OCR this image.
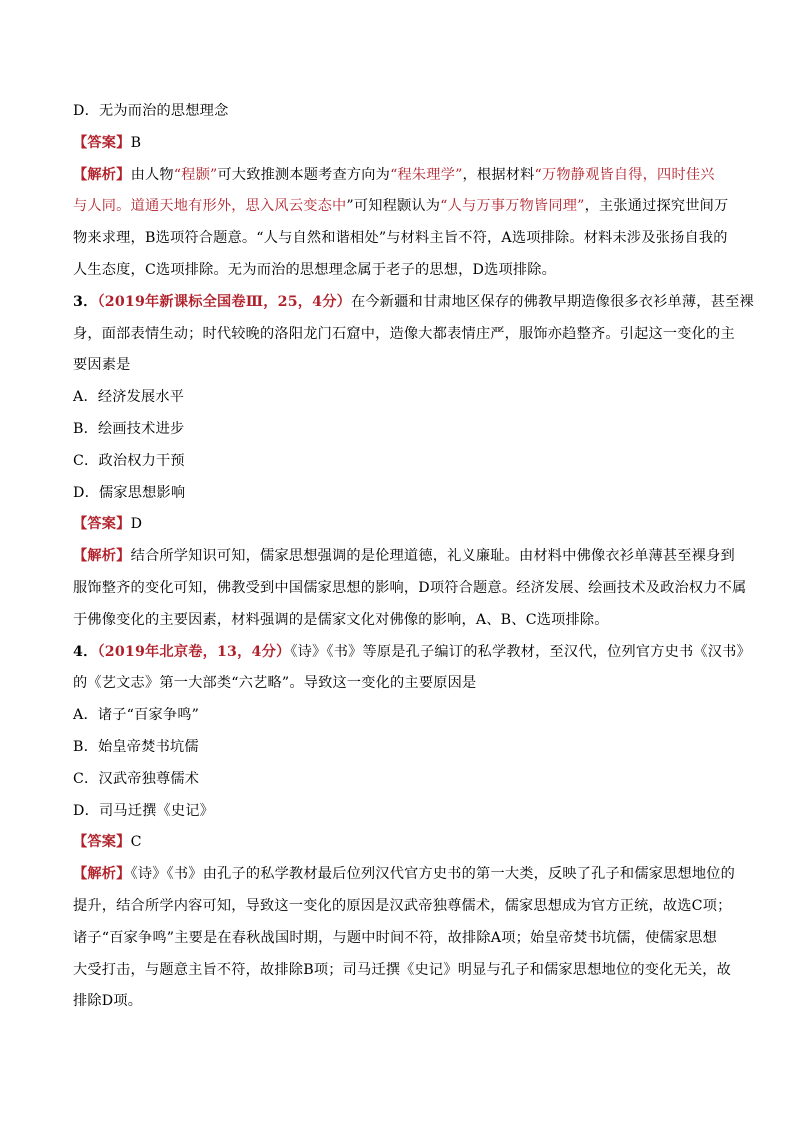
D．无为而治的思想理念
【答案】B
【解析】由人物“程颢”可大致推测本题考查方向为“程朱理学”，根据材料“万物静观皆自得，四时佳兴
与人同。道通天地有形外，思入风云变态中”可知程颢认为“人与万事万物皆同理”，主张通过探究世间万
物来求理，B选项符合题意。“人与自然和谐相处”与材料主旨不符，A选项排除。材料未涉及张扬自我的
人生态度，C选项排除。无为而治的思想理念属于老子的思想，D选项排除。
3．（2019年新课标全国卷Ⅲ，25，4分）在今新疆和甘肃地区保存的佛教早期造像很多衣衫单薄，甚至裸
身，面部表情生动；时代较晚的洛阳龙门石窟中，造像大都表情庄严，服饰亦趋整齐。引起这一变化的主
要因素是
A．经济发展水平
B．绘画技术进步
C．政治权力干预
D．儒家思想影响
【答案】D
【解析】结合所学知识可知，儒家思想强调的是伦理道德，礼义廉耻。由材料中佛像衣衫单薄甚至裸身到
服饰整齐的变化可知，佛教受到中国儒家思想的影响，D项符合题意。经济发展、绘画技术及政治权力不属
于佛像变化的主要因素，材料强调的是儒家文化对佛像的影响，A、B、C选项排除。
4．（2019年北京卷，13，4分）《诗》《书》等原是孔子编订的私学教材，至汉代，位列官方史书《汉书》
的《艺文志》第一大部类“六艺略”。导致这一变化的主要原因是
A．诸子“百家争鸣”
B．始皇帝焚书坑儒
C．汉武帝独尊儒术
D．司马迁撰《史记》
【答案】C
【解析】《诗》《书》由孔子的私学教材最后位列汉代官方史书的第一大类，反映了孔子和儒家思想地位的
提升，结合所学内容可知，导致这一变化的原因是汉武帝独尊儒术，儒家思想成为官方正统，故选C项；
诸子“百家争鸣”主要是在春秋战国时期，与题中时间不符，故排除A项；始皇帝焚书坑儒，使儒家思想
大受打击，与题意主旨不符，故排除B项；司马迁撰《史记》明显与孔子和儒家思想地位的变化无关，故
排除D项。
